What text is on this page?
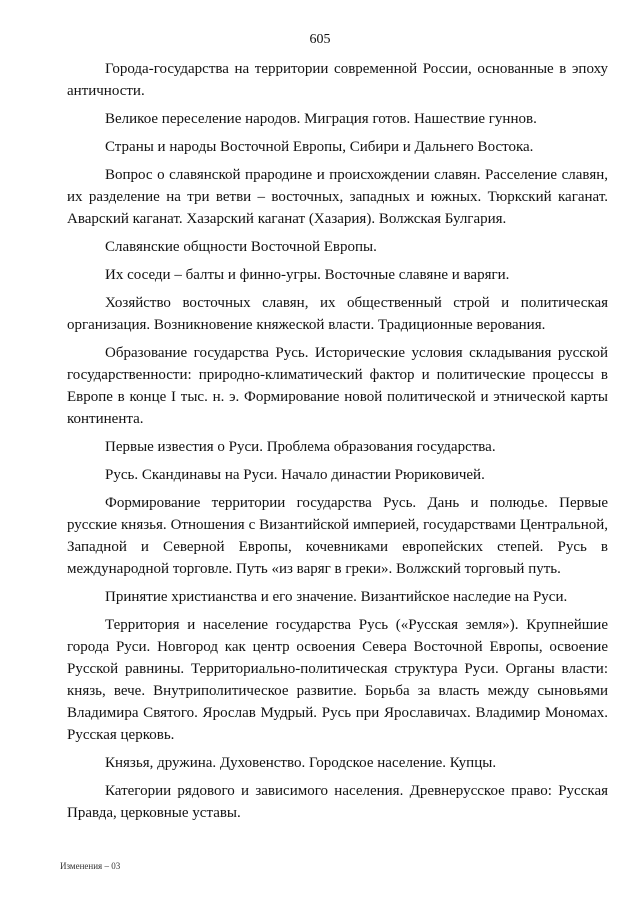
605

Города-государства на территории современной России, основанные в эпоху античности.

Великое переселение народов. Миграция готов. Нашествие гуннов.

Страны и народы Восточной Европы, Сибири и Дальнего Востока.

Вопрос о славянской прародине и происхождении славян. Расселение славян, их разделение на три ветви – восточных, западных и южных. Тюркский каганат. Аварский каганат. Хазарский каганат (Хазария). Волжская Булгария.

Славянские общности Восточной Европы.

Их соседи – балты и финно-угры. Восточные славяне и варяги.

Хозяйство восточных славян, их общественный строй и политическая организация. Возникновение княжеской власти. Традиционные верования.

Образование государства Русь. Исторические условия складывания русской государственности: природно-климатический фактор и политические процессы в Европе в конце I тыс. н. э. Формирование новой политической и этнической карты континента.

Первые известия о Руси. Проблема образования государства.

Русь. Скандинавы на Руси. Начало династии Рюриковичей.

Формирование территории государства Русь. Дань и полюдье. Первые русские князья. Отношения с Византийской империей, государствами Центральной, Западной и Северной Европы, кочевниками европейских степей. Русь в международной торговле. Путь «из варяг в греки». Волжский торговый путь.

Принятие христианства и его значение. Византийское наследие на Руси.

Территория и население государства Русь («Русская земля»). Крупнейшие города Руси. Новгород как центр освоения Севера Восточной Европы, освоение Русской равнины. Территориально-политическая структура Руси. Органы власти: князь, вече. Внутриполитическое развитие. Борьба за власть между сыновьями Владимира Святого. Ярослав Мудрый. Русь при Ярославичах. Владимир Мономах. Русская церковь.

Князья, дружина. Духовенство. Городское население. Купцы.

Категории рядового и зависимого населения. Древнерусское право: Русская Правда, церковные уставы.

Изменения – 03
